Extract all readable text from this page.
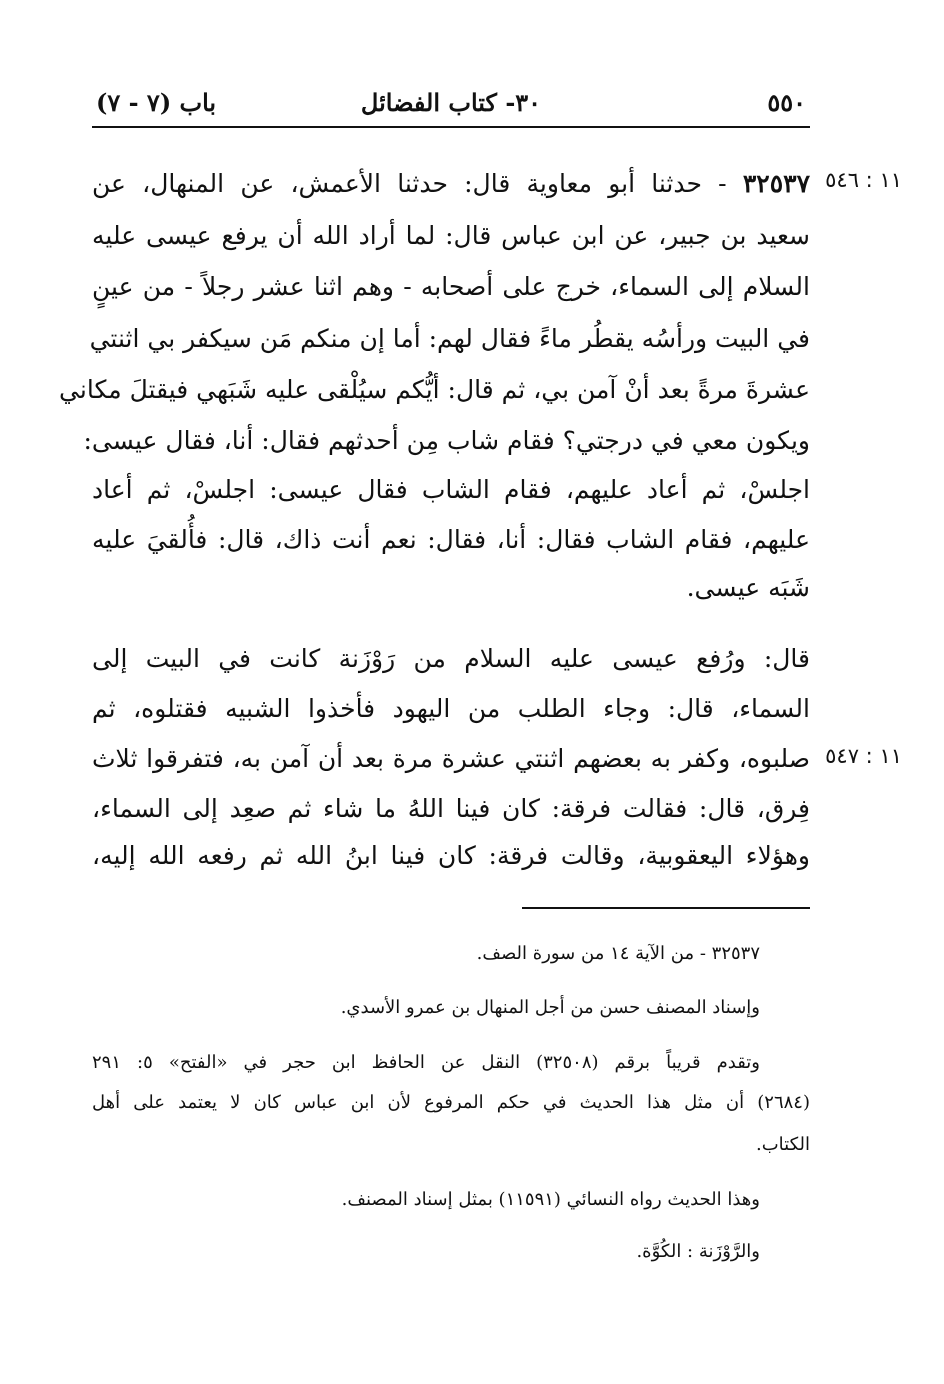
٥٥٠
٣٠- كتاب الفضائل
باب (٧ - ٧)
١١ : ٥٤٦
١١ : ٥٤٧
٣٢٥٣٧ - حدثنا أبو معاوية قال: حدثنا الأعمش، عن المنهال، عن
سعيد بن جبير، عن ابن عباس قال: لما أراد الله أن يرفع عيسى عليه
السلام إلى السماء، خرج على أصحابه - وهم اثنا عشر رجلاً - من عينٍ
في البيت ورأسُه يقطُر ماءً فقال لهم: أما إن منكم مَن سيكفر بي اثنتي
عشرةَ مرةً بعد أنْ آمن بي، ثم قال: أيُّكم سيُلْقى عليه شَبَهي فيقتلَ مكاني
ويكون معي في درجتي؟ فقام شاب مِن أحدثهم فقال: أنا، فقال عيسى:
اجلسْ، ثم أعاد عليهم، فقام الشاب فقال عيسى: اجلسْ، ثم أعاد
عليهم، فقام الشاب فقال: أنا، فقال: نعم أنت ذاك، قال: فأُلقيَ عليه
شَبَه عيسى.
قال: ورُفع عيسى عليه السلام من رَوْزَنة كانت في البيت إلى
السماء، قال: وجاء الطلب من اليهود فأخذوا الشبيه فقتلوه، ثم
صلبوه، وكفر به بعضهم اثنتي عشرة مرة بعد أن آمن به، فتفرقوا ثلاث
فِرق، قال: فقالت فرقة: كان فينا اللهُ ما شاء ثم صعِد إلى السماء،
وهؤلاء اليعقوبية، وقالت فرقة: كان فينا ابنُ الله ثم رفعه الله إليه،
٣٢٥٣٧ - من الآية ١٤ من سورة الصف.
وإسناد المصنف حسن من أجل المنهال بن عمرو الأسدي.
وتقدم قريباً برقم (٣٢٥٠٨) النقل عن الحافظ ابن حجر في «الفتح» ٥: ٢٩١
(٢٦٨٤) أن مثل هذا الحديث في حكم المرفوع لأن ابن عباس كان لا يعتمد على أهل
الكتاب.
وهذا الحديث رواه النسائي (١١٥٩١) بمثل إسناد المصنف.
والرَّوْزَنة : الكُوَّة.
